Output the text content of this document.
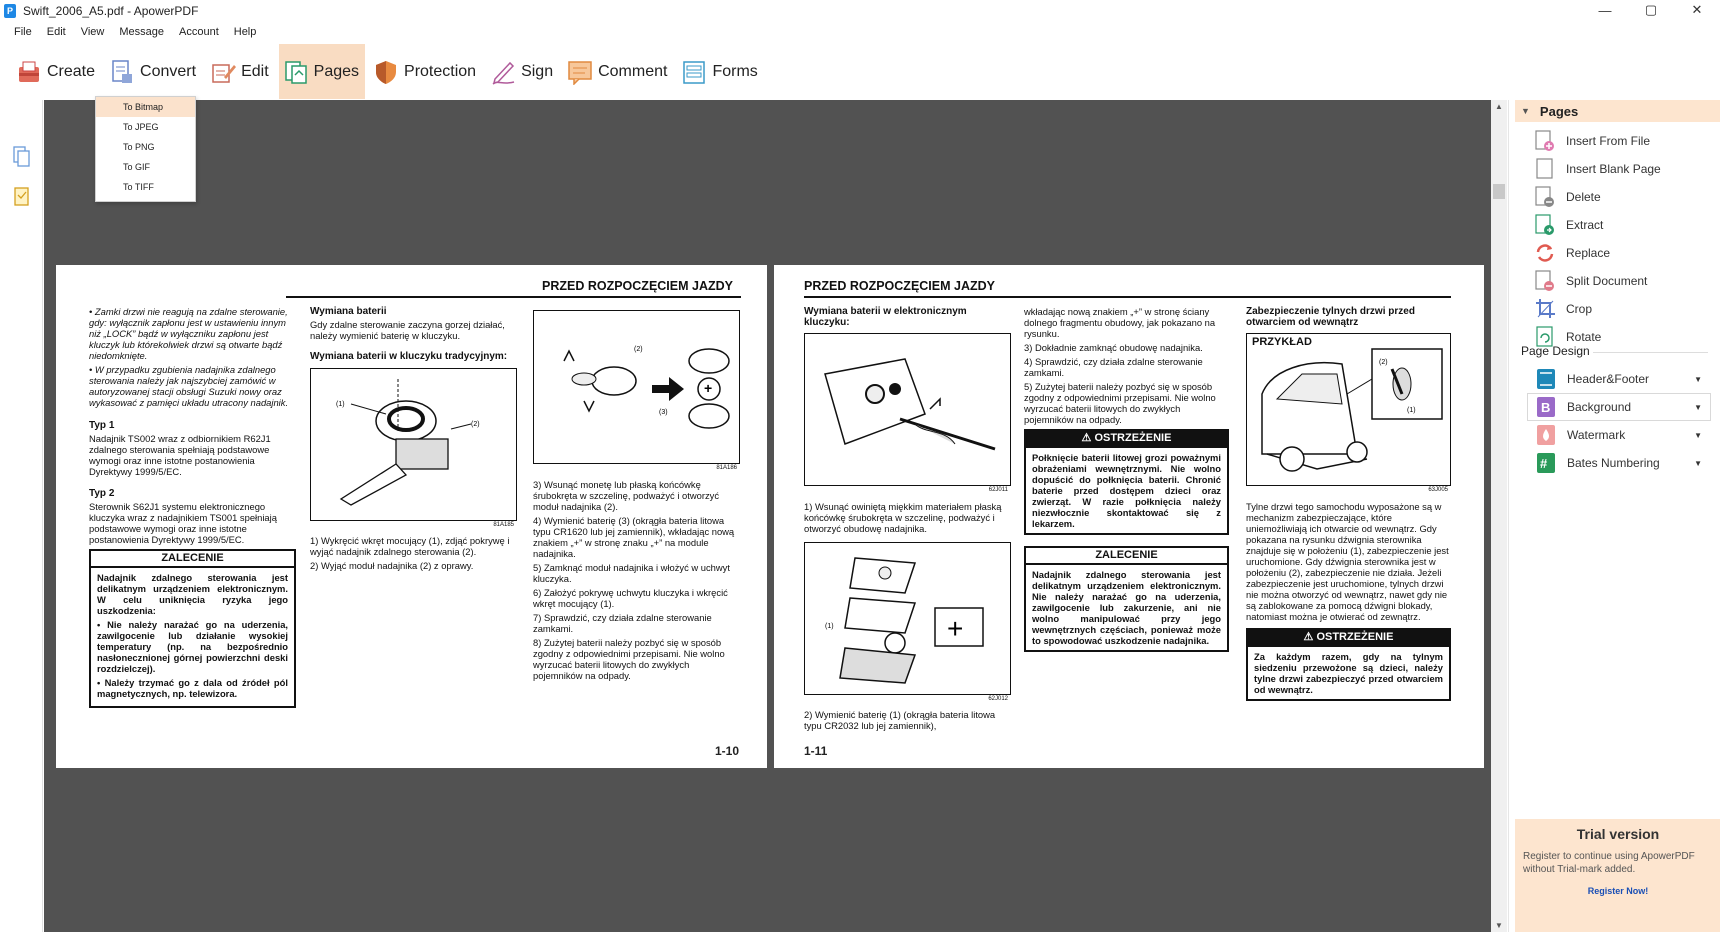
P Swift_2006_A5.pdf - ApowerPDF	—	▢	✕
File Edit View Message Account Help
Create	Convert	Edit	Pages	Protection	Sign	Comment	Forms
To Bitmap
To JPEG
To PNG
To GIF
To TIFF
PRZED ROZPOCZĘCIEM JAZDY

• Zamki drzwi nie reagują na zdalne sterowanie, gdy: wyłącznik zapłonu jest w ustawieniu innym niż „LOCK” bądź w wyłączniku zapłonu jest kluczyk lub którekolwiek drzwi są otwarte bądź niedomknięte.

• W przypadku zgubienia nadajnika zdalnego sterowania należy jak najszybciej zamówić w autoryzowanej stacji obsługi Suzuki nowy oraz wykasować z pamięci układu utracony nadajnik.

Typ 1

Nadajnik TS002 wraz z odbiornikiem R62J1 zdalnego sterowania spełniają podstawowe wymogi oraz inne istotne postanowienia Dyrektywy 1999/5/EC.

Typ 2

Sterownik S62J1 systemu elektronicznego kluczyka wraz z nadajnikiem TS001 spełniają podstawowe wymogi oraz inne istotne postanowienia Dyrektywy 1999/5/EC.

ZALECENIE

Nadajnik zdalnego sterowania jest delikatnym urządzeniem elektronicznym. W celu uniknięcia ryzyka jego uszkodzenia:

• Nie należy narażać go na uderzenia, zawilgocenie lub działanie wysokiej temperatury (np. na bezpośrednio nasłonecznionej górnej powierzchni deski rozdzielczej).

• Należy trzymać go z dala od źródeł pól magnetycznych, np. telewizora.

Wymiana baterii

Gdy zdalne sterowanie zaczyna gorzej działać, należy wymienić baterię w kluczyku.

Wymiana baterii w kluczyku tradycyjnym:
(1)
(2)
81A185

1) Wykręcić wkręt mocujący (1), zdjąć pokrywę i wyjąć nadajnik zdalnego sterowania (2).

2) Wyjąć moduł nadajnika (2) z oprawy.

+
(2)
(3)
81A186

3) Wsunąć monetę lub płaską końcówkę śrubokręta w szczelinę, podważyć i otworzyć moduł nadajnika (2).

4) Wymienić baterię (3) (okrągła bateria litowa typu CR1620 lub jej zamiennik), wkładając nową znakiem „+” w stronę znaku „+” na module nadajnika.

5) Zamknąć moduł nadajnika i włożyć w uchwyt kluczyka.

6) Założyć pokrywę uchwytu kluczyka i wkręcić wkręt mocujący (1).

7) Sprawdzić, czy działa zdalne sterowanie zamkami.

8) Zużytej baterii należy pozbyć się w sposób zgodny z odpowiednimi przepisami. Nie wolno wyrzucać baterii litowych do zwykłych pojemników na odpady.

1-10
PRZED ROZPOCZĘCIEM JAZDY
Wymiana baterii w elektronicznym kluczyku:
62J011

1) Wsunąć owiniętą miękkim materiałem płaską końcówkę śrubokręta w szczelinę, podważyć i otworzyć obudowę nadajnika.

+
(1)
62J012

2) Wymienić baterię (1) (okrągła bateria litowa typu CR2032 lub jej zamiennik),

wkładając nową znakiem „+” w stronę ściany dolnego fragmentu obudowy, jak pokazano na rysunku.

3) Dokładnie zamknąć obudowę nadajnika.

4) Sprawdzić, czy działa zdalne sterowanie zamkami.

5) Zużytej baterii należy pozbyć się w sposób zgodny z odpowiednimi przepisami. Nie wolno wyrzucać baterii litowych do zwykłych pojemników na odpady.

⚠ OSTRZEŻENIE
Połknięcie baterii litowej grozi poważnymi obrażeniami wewnętrznymi. Nie wolno dopuścić do połknięcia baterii. Chronić baterie przed dostępem dzieci oraz zwierząt. W razie połknięcia należy niezwłocznie skontaktować się z lekarzem.
ZALECENIE
Nadajnik zdalnego sterowania jest delikatnym urządzeniem elektronicznym. Nie należy narażać go na uderzenia, zawilgocenie lub zakurzenie, ani nie wolno manipulować przy jego wewnętrznych częściach, ponieważ może to spowodować uszkodzenie nadajnika.
Zabezpieczenie tylnych drzwi przed otwarciem od wewnątrz
PRZYKŁAD
(2)
(1)
63J005

Tylne drzwi tego samochodu wyposażone są w mechanizm zabezpieczające, które uniemożliwiają ich otwarcie od wewnątrz. Gdy pokazana na rysunku dźwignia sterownika znajduje się w położeniu (1), zabezpieczenie jest uruchomione. Gdy dźwignia sterownika jest w położeniu (2), zabezpieczenie nie działa. Jeżeli zabezpieczenie jest uruchomione, tylnych drzwi nie można otworzyć od wewnątrz, nawet gdy nie są zablokowane za pomocą dźwigni blokady, natomiast można je otwierać od zewnątrz.

⚠ OSTRZEŻENIE
Za każdym razem, gdy na tylnym siedzeniu przewożone są dzieci, należy tylne drzwi zabezpieczyć przed otwarciem od wewnątrz.
1-11
▲
▼
▼ Pages
Insert From File
Insert Blank Page
Delete
Extract
Replace
Split Document
Crop
Rotate
Page Design
Header&Footer	▼
B Background	▼
Watermark	▼
# Bates Numbering	▼
Trial version
Register to continue using ApowerPDF without Trial-mark added.
Register Now!
